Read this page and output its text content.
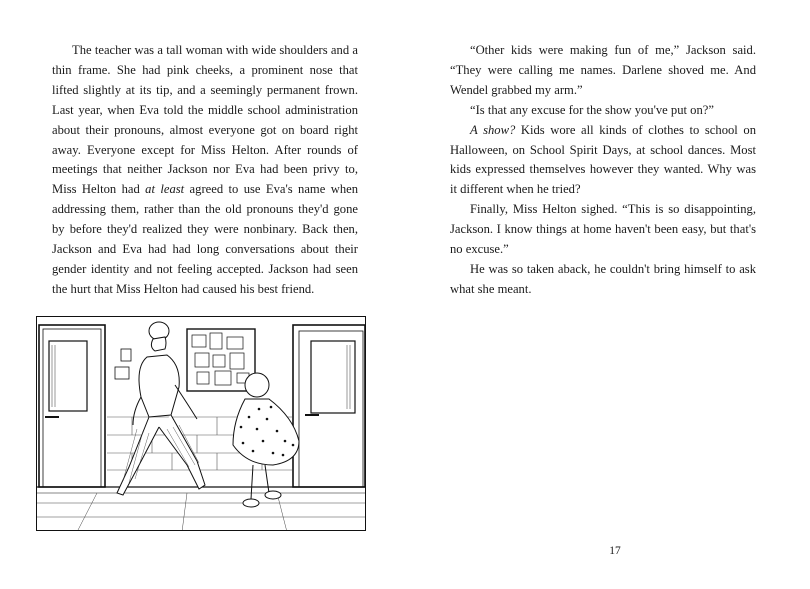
The teacher was a tall woman with wide shoulders and a thin frame. She had pink cheeks, a prominent nose that lifted slightly at its tip, and a seemingly permanent frown. Last year, when Eva told the middle school administration about their pronouns, almost everyone got on board right away. Everyone except for Miss Helton. After rounds of meetings that neither Jackson nor Eva had been privy to, Miss Helton had at least agreed to use Eva's name when addressing them, rather than the old pronouns they'd gone by before they'd realized they were nonbinary. Back then, Jackson and Eva had had long conversations about their gender identity and not feeling accepted. Jackson had seen the hurt that Miss Helton had caused his best friend.

“Other kids were making fun of me,” Jackson said. “They were calling me names. Darlene shoved me. And Wendel grabbed my arm.”

“Is that any excuse for the show you've put on?”

A show? Kids wore all kinds of clothes to school on Halloween, on School Spirit Days, at school dances. Most kids expressed themselves however they wanted. Why was it different when he tried?

Finally, Miss Helton sighed. “This is so disappointing, Jackson. I know things at home haven't been easy, but that's no excuse.”

He was so taken aback, he couldn't bring himself to ask what she meant.

17
